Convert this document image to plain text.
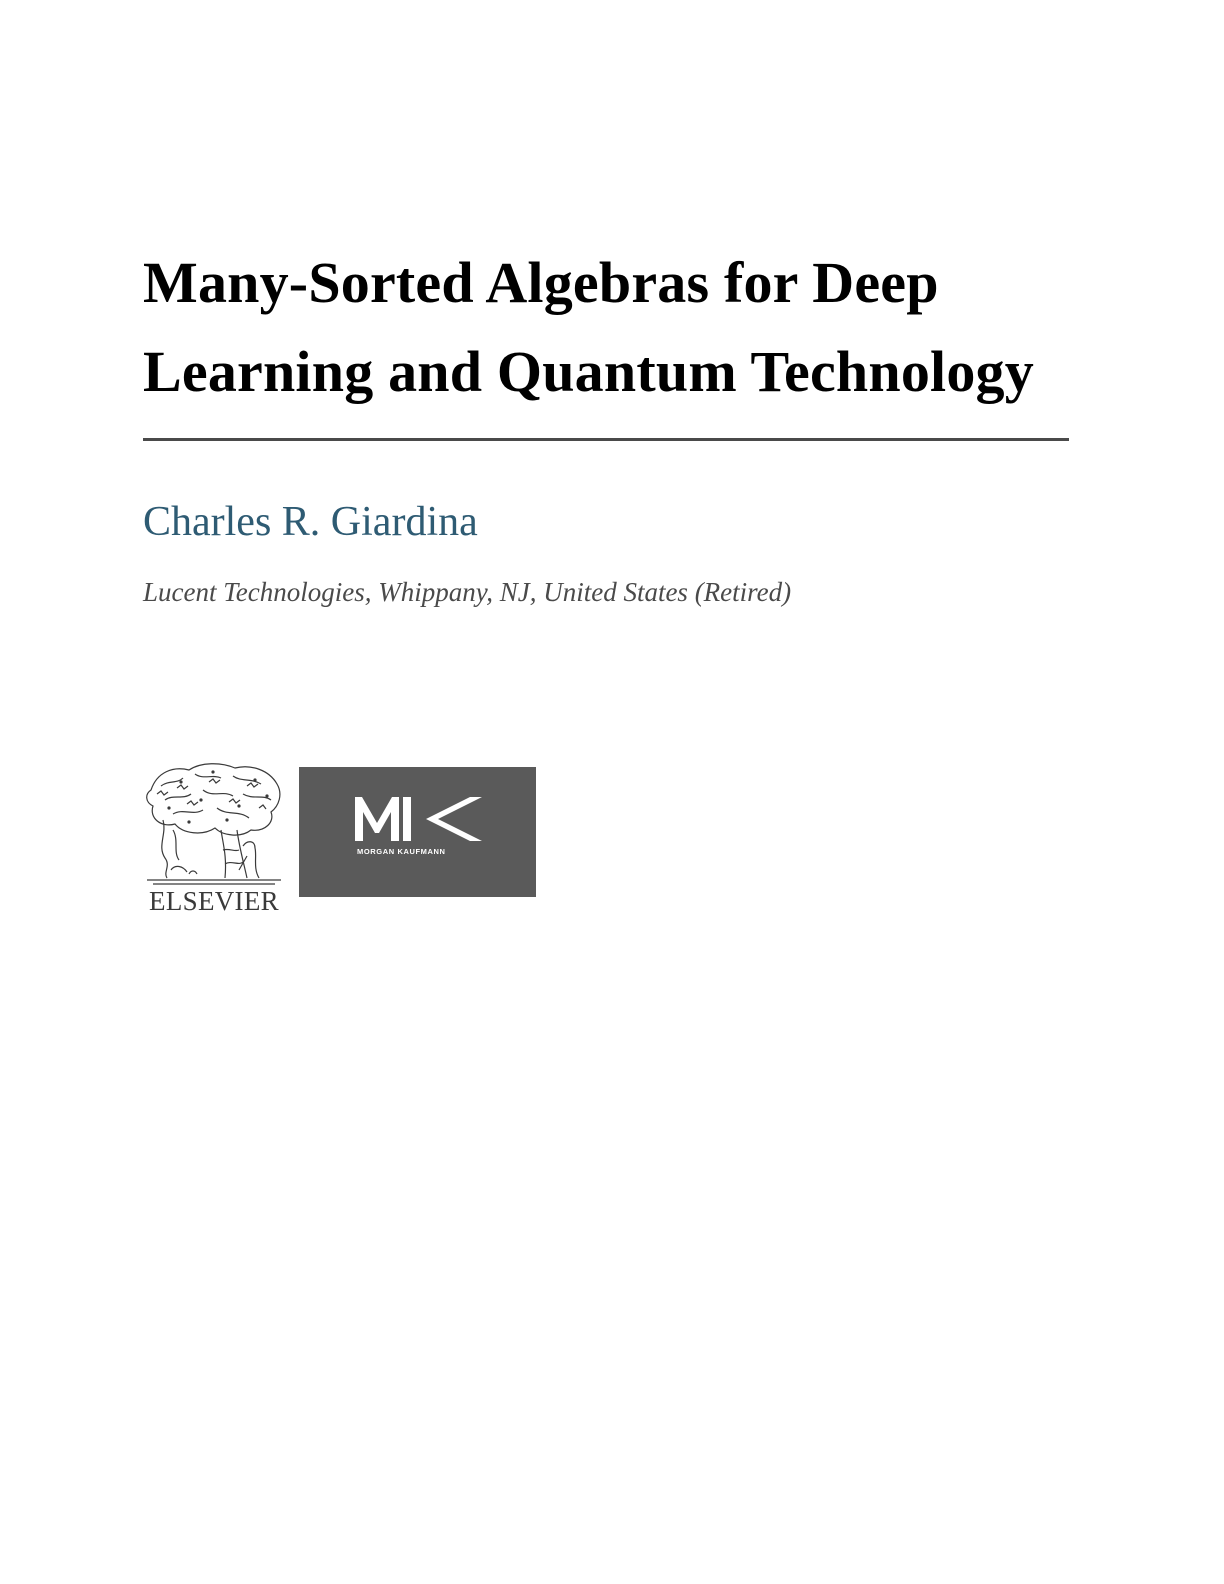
Many-Sorted Algebras for Deep
Learning and Quantum Technology

Charles R. Giardina

Lucent Technologies, Whippany, NJ, United States (Retired)

ELSEVIER
MORGAN KAUFMANN
